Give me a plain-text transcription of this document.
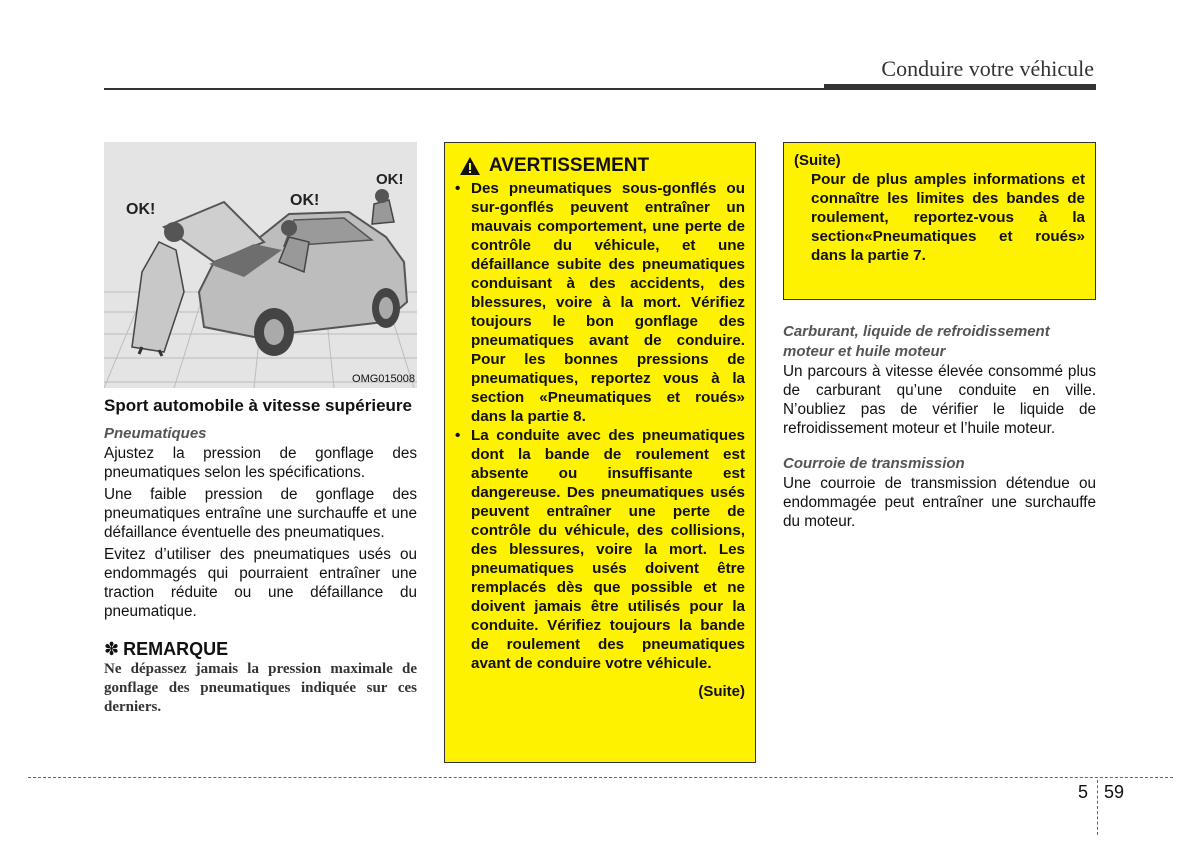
Conduire votre véhicule
OK!
OK!
OK!
OMG015008
Sport automobile à vitesse supérieure
Pneumatiques

Ajustez la pression de gonflage des pneumatiques selon les spécifications.

Une faible pression de gonflage des pneumatiques entraîne une surchauffe et une défaillance éventuelle des pneumatiques.

Evitez d’utiliser des pneumatiques usés ou endommagés qui pourraient entraîner une traction réduite ou une défaillance du pneumatique.

✽ REMARQUE
Ne dépassez jamais la pression maximale de gonflage des pneumatiques indiquée sur ces derniers.
AVERTISSEMENT
• Des pneumatiques sous-gonflés ou sur-gonflés peuvent entraîner un mauvais comportement, une perte de contrôle du véhicule, et une défaillance subite des pneumatiques conduisant à des accidents, des blessures, voire à la mort. Vérifiez toujours le bon gonflage des pneumatiques avant de conduire. Pour les bonnes pressions de pneumatiques, reportez vous à la section «Pneumatiques et roués» dans la partie 8.
• La conduite avec des pneumatiques dont la bande de roulement est absente ou insuffisante est dangereuse. Des pneumatiques usés peuvent entraîner une perte de contrôle du véhicule, des collisions, des blessures, voire la mort. Les pneumatiques usés doivent être remplacés dès que possible et ne doivent jamais être utilisés pour la conduite. Vérifiez toujours la bande de roulement des pneumatiques avant de conduire votre véhicule.
(Suite)
(Suite)
Pour de plus amples informations et connaître les limites des bandes de roulement, reportez-vous à la section«Pneumatiques et roués» dans la partie 7.
Carburant, liquide de refroidissement moteur et huile moteur

Un parcours à vitesse élevée consommé plus de carburant qu’une conduite en ville. N’oubliez pas de vérifier le liquide de refroidissement moteur et l’huile moteur.

Courroie de transmission

Une courroie de transmission détendue ou endommagée peut entraîner une surchauffe du moteur.

5 59
